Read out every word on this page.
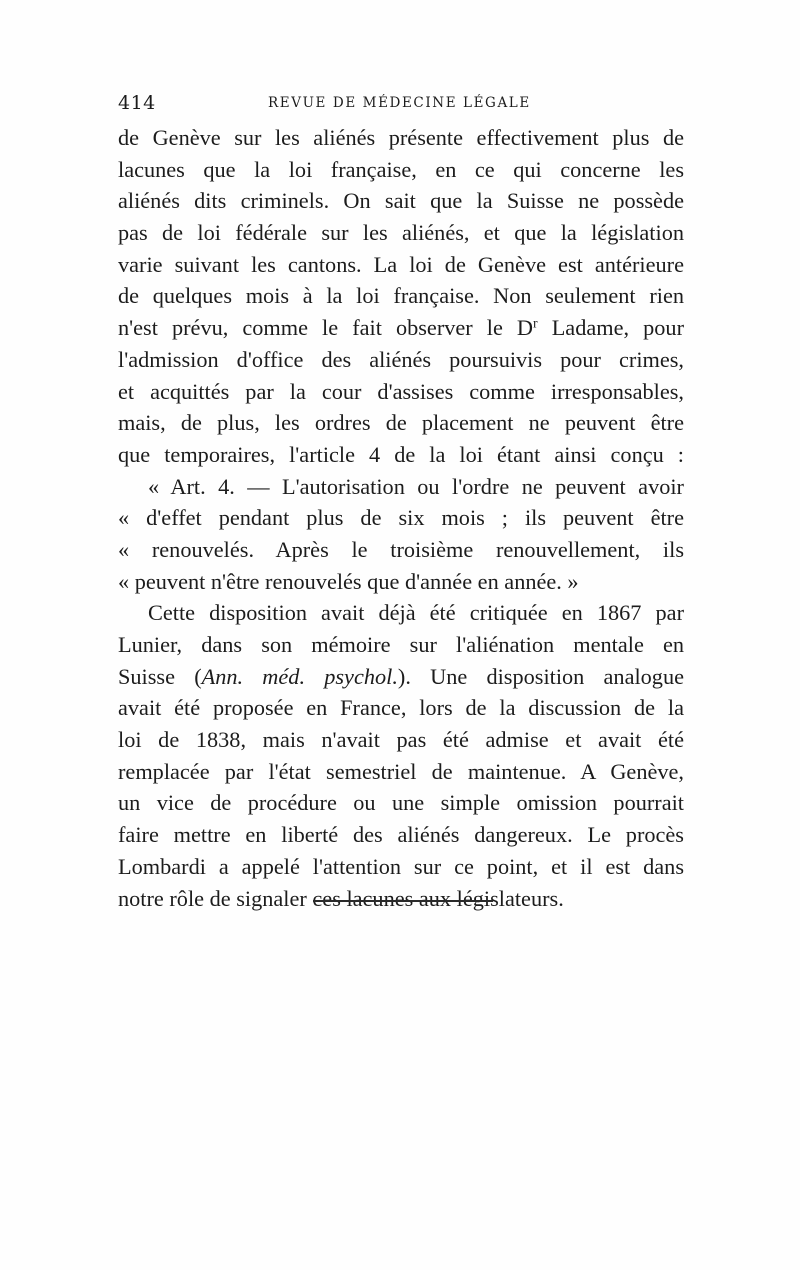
414	REVUE DE MÉDECINE LÉGALE
de Genève sur les aliénés présente effectivement plus de
lacunes que la loi française, en ce qui concerne les
aliénés dits criminels. On sait que la Suisse ne possède
pas de loi fédérale sur les aliénés, et que la législation
varie suivant les cantons. La loi de Genève est antérieure
de quelques mois à la loi française. Non seulement rien
n'est prévu, comme le fait observer le $D^r$ Ladame, pour
l'admission d'office des aliénés poursuivis pour crimes,
et acquittés par la cour d'assises comme irresponsables,
mais, de plus, les ordres de placement ne peuvent être
que temporaires, l'article 4 de la loi étant ainsi conçu :
« Art. 4. — L'autorisation ou l'ordre ne peuvent avoir
« d'effet pendant plus de six mois ; ils peuvent être
« renouvelés. Après le troisième renouvellement, ils
« peuvent n'être renouvelés que d'année en année. »
Cette disposition avait déjà été critiquée en 1867 par
Lunier, dans son mémoire sur l'aliénation mentale en
Suisse (Ann. méd. psychol.). Une disposition analogue
avait été proposée en France, lors de la discussion de la
loi de 1838, mais n'avait pas été admise et avait été
remplacée par l'état semestriel de maintenue. A Genève,
un vice de procédure ou une simple omission pourrait
faire mettre en liberté des aliénés dangereux. Le procès
Lombardi a appelé l'attention sur ce point, et il est dans
notre rôle de signaler ces lacunes aux législateurs.
